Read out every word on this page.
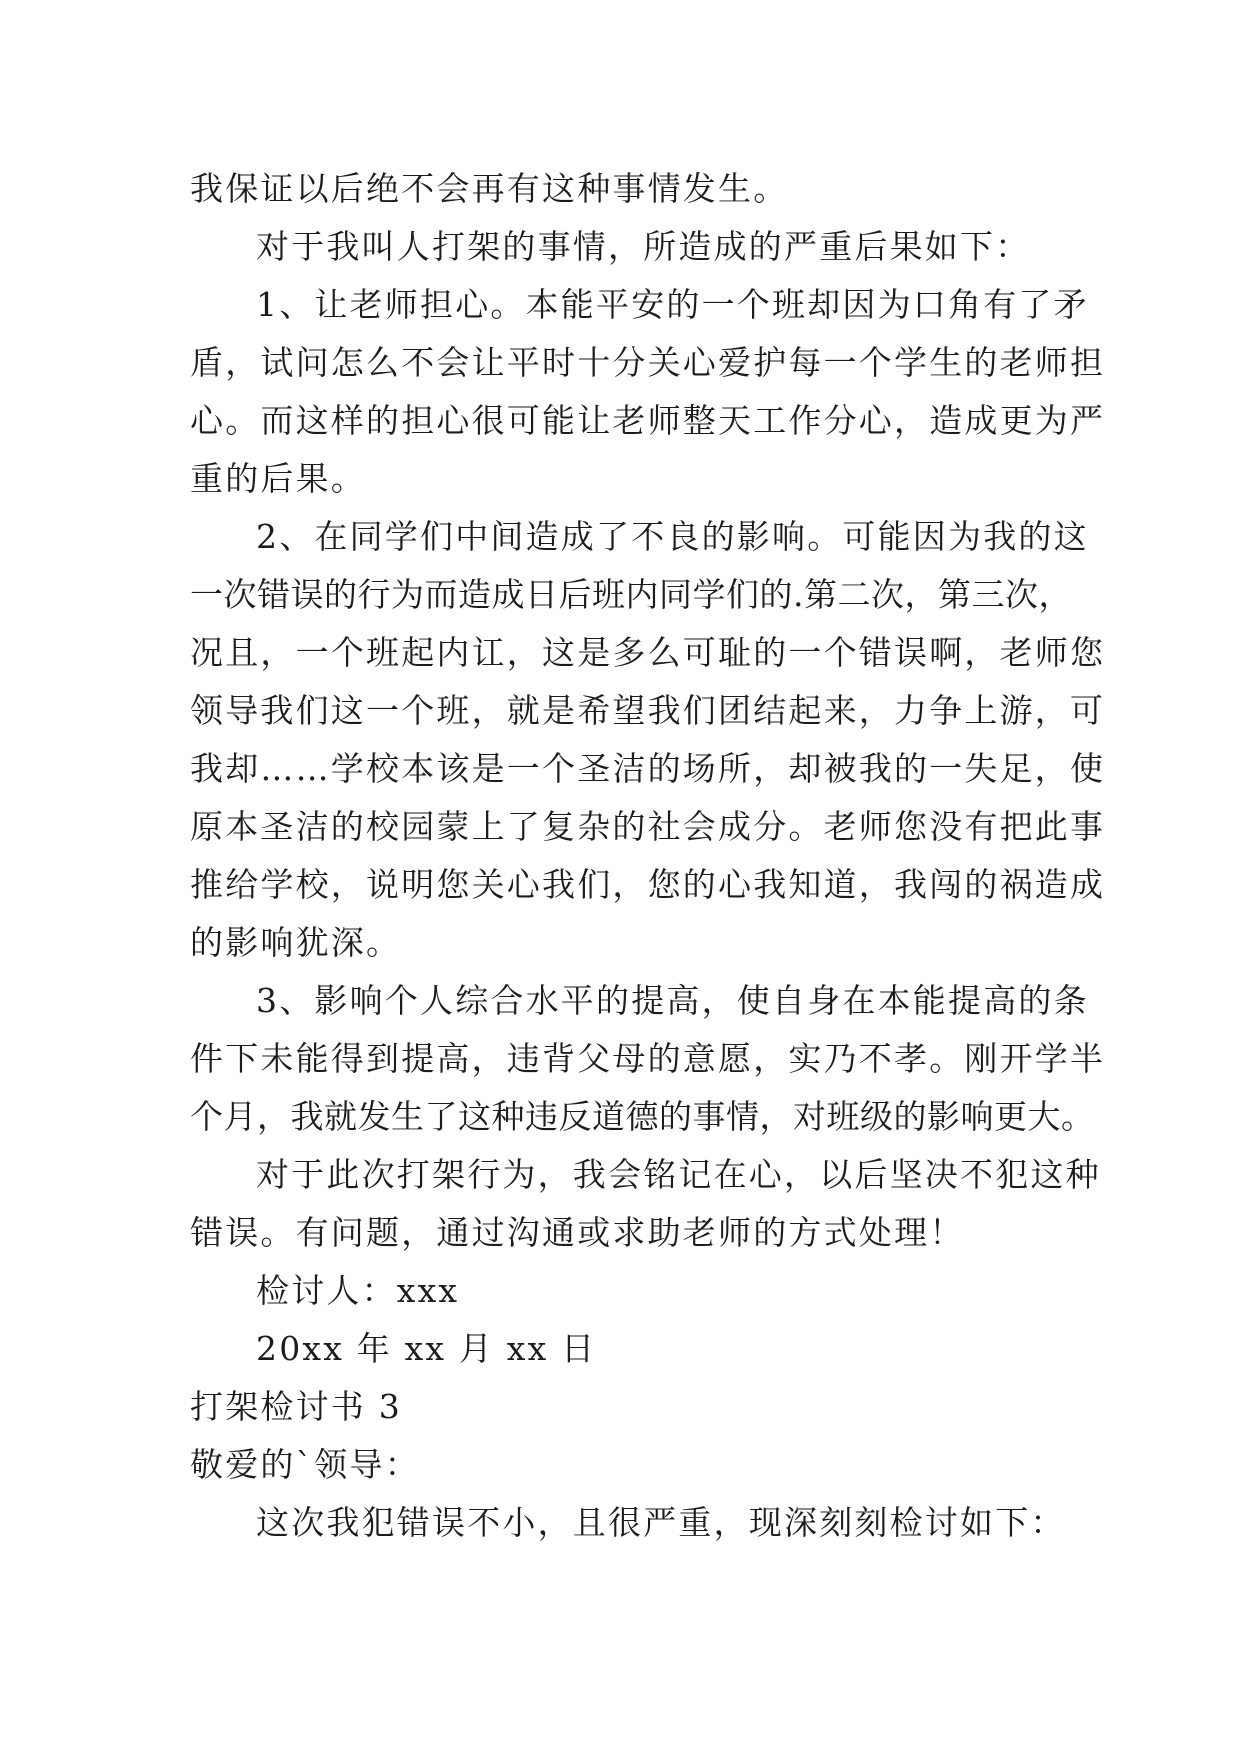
我保证以后绝不会再有这种事情发生。
对于我叫人打架的事情，所造成的严重后果如下：
1、让老师担心。本能平安的一个班却因为口角有了矛
盾，试问怎么不会让平时十分关心爱护每一个学生的老师担
心。而这样的担心很可能让老师整天工作分心，造成更为严
重的后果。
2、在同学们中间造成了不良的影响。可能因为我的这
一次错误的行为而造成日后班内同学们的.第二次，第三次，
况且，一个班起内讧，这是多么可耻的一个错误啊，老师您
领导我们这一个班，就是希望我们团结起来，力争上游，可
我却……学校本该是一个圣洁的场所，却被我的一失足，使
原本圣洁的校园蒙上了复杂的社会成分。老师您没有把此事
推给学校，说明您关心我们，您的心我知道，我闯的祸造成
的影响犹深。
3、影响个人综合水平的提高，使自身在本能提高的条
件下未能得到提高，违背父母的意愿，实乃不孝。刚开学半
个月，我就发生了这种违反道德的事情，对班级的影响更大。
对于此次打架行为，我会铭记在心，以后坚决不犯这种
错误。有问题，通过沟通或求助老师的方式处理！
检讨人：xxx
20xx 年 xx 月 xx 日
打架检讨书 3
敬爱的`领导：
这次我犯错误不小，且很严重，现深刻刻检讨如下：
